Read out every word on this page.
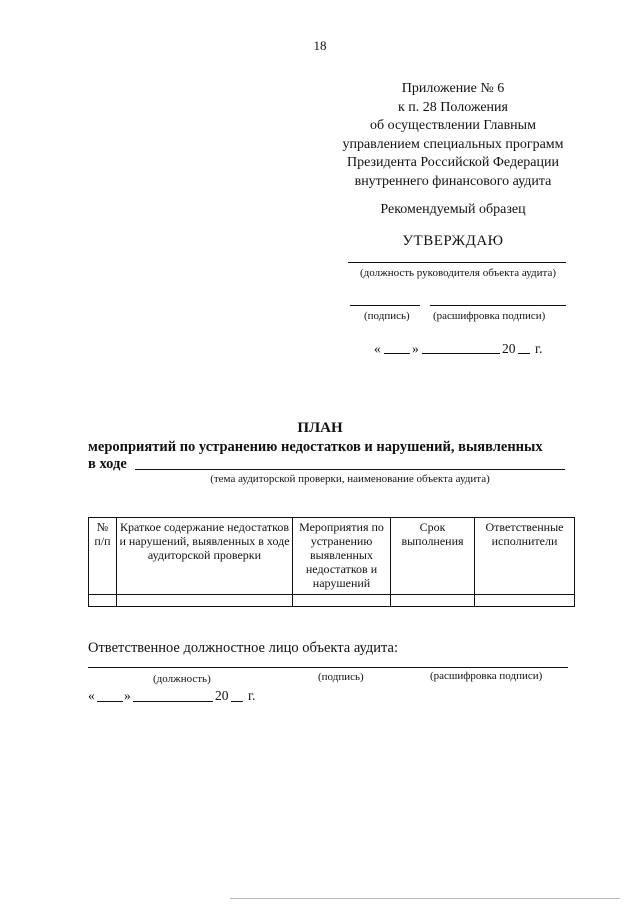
18
Приложение № 6
к п. 28 Положения
об осуществлении Главным
управлением специальных программ
Президента Российской Федерации
внутреннего финансового аудита
Рекомендуемый образец
УТВЕРЖДАЮ
(должность руководителя объекта аудита)
(подпись) (расшифровка подписи)
« »	20 г.
ПЛАН
мероприятий по устранению недостатков и нарушений, выявленных
в ходе
(тема аудиторской проверки, наименование объекта аудита)
№ п/п	Краткое содержание недостатков и нарушений, выявленных в ходе аудиторской проверки	Мероприятия по устранению выявленных недостатков и нарушений	Срок выполнения	Ответственные исполнители

Ответственное должностное лицо объекта аудита:
(должность)	(подпись)	(расшифровка подписи)
« »	20 г.
